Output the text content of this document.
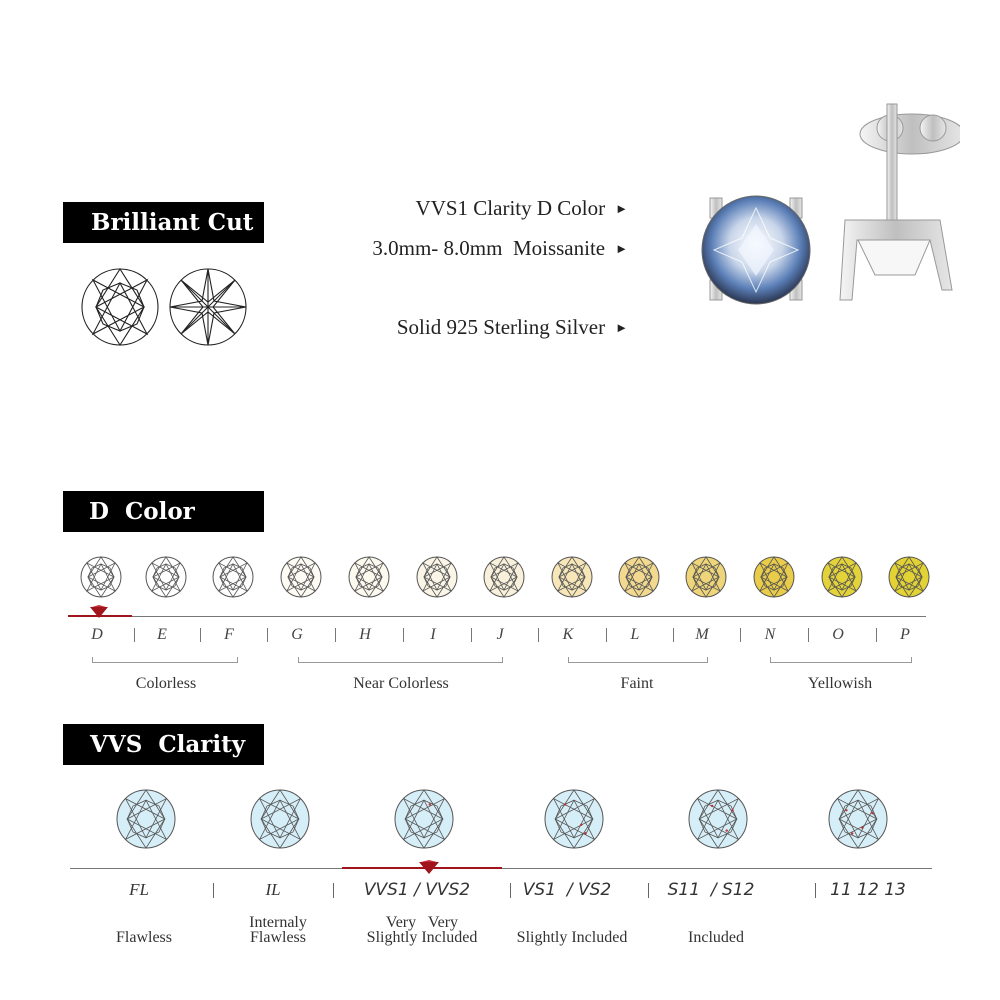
Brilliant Cut
VVS1 Clarity D Color ►
3.0mm- 8.0mm  Moissanite ►
Solid 925 Sterling Silver ►
D  Color
D	E	F	G	H	I	J	K	L	M	N	O	P
Colorless	Near Colorless	Faint	Yellowish
VVS  Clarity
FL
Flawless
IL
Internaly
Flawless
VVS1 / VVS2
Very   Very
Slightly Included
VS1  / VS2
Slightly Included
S11  / S12
Included
11 12 13
